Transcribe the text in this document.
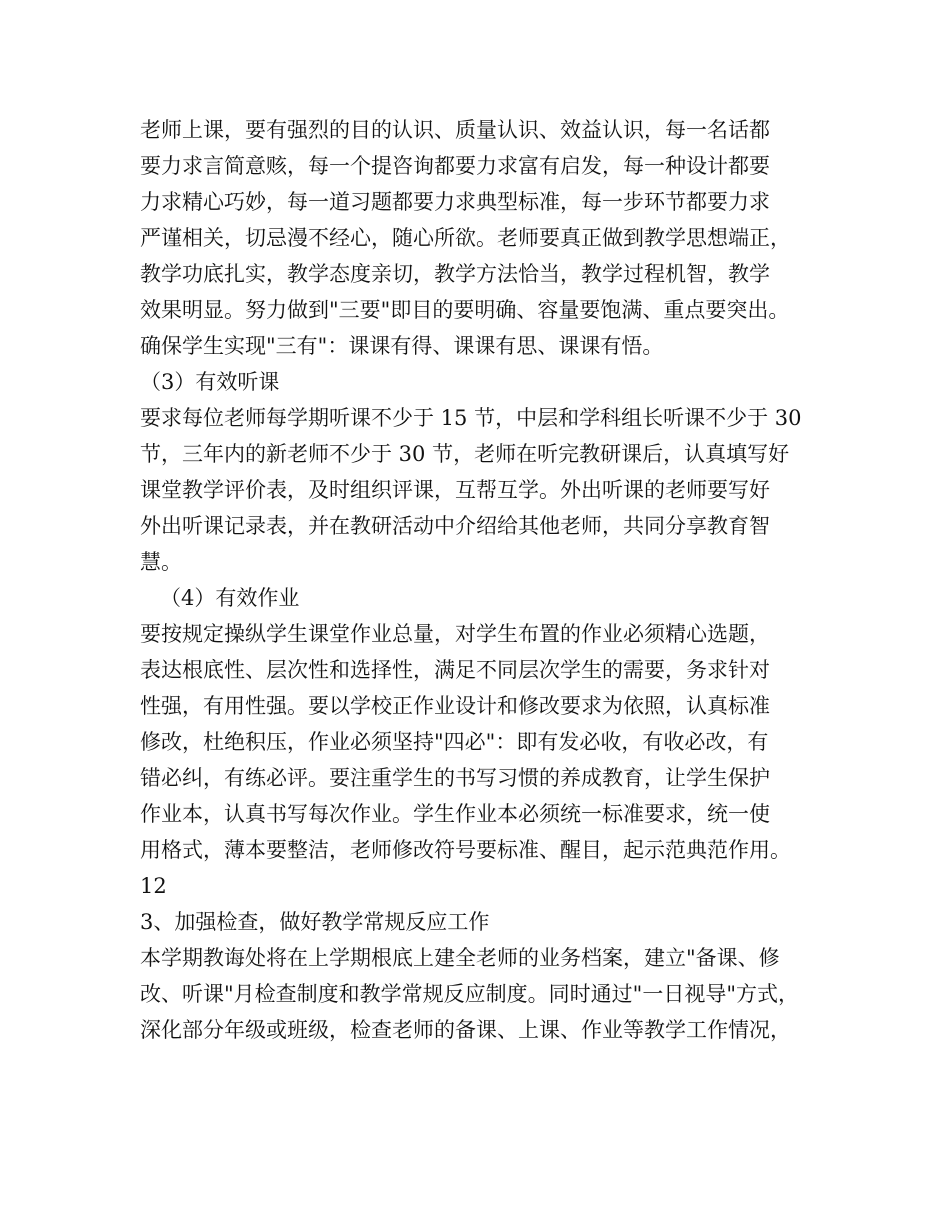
老师上课，要有强烈的目的认识、质量认识、效益认识，每一名话都

要力求言简意赅，每一个提咨询都要力求富有启发，每一种设计都要

力求精心巧妙，每一道习题都要力求典型标准，每一步环节都要力求

严谨相关，切忌漫不经心，随心所欲。老师要真正做到教学思想端正，

教学功底扎实，教学态度亲切，教学方法恰当，教学过程机智，教学

效果明显。努力做到"三要"即目的要明确、容量要饱满、重点要突出。

确保学生实现"三有"：课课有得、课课有思、课课有悟。

（3）有效听课

要求每位老师每学期听课不少于 15 节，中层和学科组长听课不少于 30

节，三年内的新老师不少于 30 节，老师在听完教研课后，认真填写好

课堂教学评价表，及时组织评课，互帮互学。外出听课的老师要写好

外出听课记录表，并在教研活动中介绍给其他老师，共同分享教育智

慧。

（4）有效作业

要按规定操纵学生课堂作业总量，对学生布置的作业必须精心选题，

表达根底性、层次性和选择性，满足不同层次学生的需要，务求针对

性强，有用性强。要以学校正作业设计和修改要求为依照，认真标准

修改，杜绝积压，作业必须坚持"四必"：即有发必收，有收必改，有

错必纠，有练必评。要注重学生的书写习惯的养成教育，让学生保护

作业本，认真书写每次作业。学生作业本必须统一标准要求，统一使

用格式，薄本要整洁，老师修改符号要标准、醒目，起示范典范作用。

12

3、加强检查，做好教学常规反应工作

本学期教诲处将在上学期根底上建全老师的业务档案，建立"备课、修

改、听课"月检查制度和教学常规反应制度。同时通过"一日视导"方式，

深化部分年级或班级，检查老师的备课、上课、作业等教学工作情况，
